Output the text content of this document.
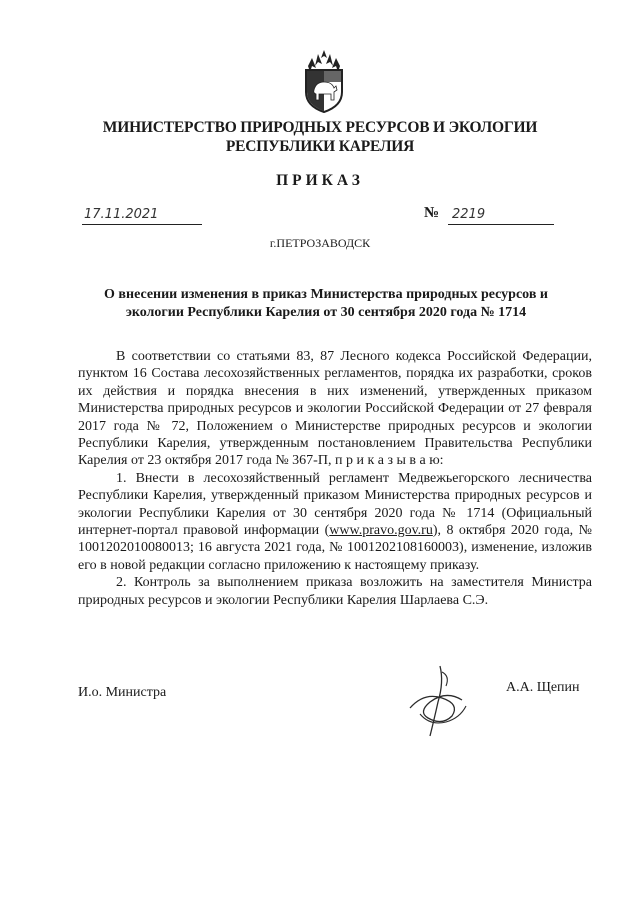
МИНИСТЕРСТВО ПРИРОДНЫХ РЕСУРСОВ И ЭКОЛОГИИ
РЕСПУБЛИКИ КАРЕЛИЯ
ПРИКАЗ
17.11.2021	№ 2219
г.ПЕТРОЗАВОДСК
О внесении изменения в приказ Министерства природных ресурсов и экологии Республики Карелия от 30 сентября 2020 года № 1714

В соответствии со статьями 83, 87 Лесного кодекса Российской Федерации, пунктом 16 Состава лесохозяйственных регламентов, порядка их разработки, сроков их действия и порядка внесения в них изменений, утвержденных приказом Министерства природных ресурсов и экологии Российской Федерации от 27 февраля 2017 года № 72, Положением о Министерстве природных ресурсов и экологии Республики Карелия, утвержденным постановлением Правительства Республики Карелия от 23 октября 2017 года № 367-П, п р и к а з ы в а ю:

1. Внести в лесохозяйственный регламент Медвежьегорского лесничества Республики Карелия, утвержденный приказом Министерства природных ресурсов и экологии Республики Карелия от 30 сентября 2020 года № 1714 (Официальный интернет-портал правовой информации (www.pravo.gov.ru), 8 октября 2020 года, № 1001202010080013; 16 августа 2021 года, № 1001202108160003), изменение, изложив его в новой редакции согласно приложению к настоящему приказу.

2. Контроль за выполнением приказа возложить на заместителя Министра природных ресурсов и экологии Республики Карелия Шарлаева С.Э.

И.о. Министра	А.А. Щепин
